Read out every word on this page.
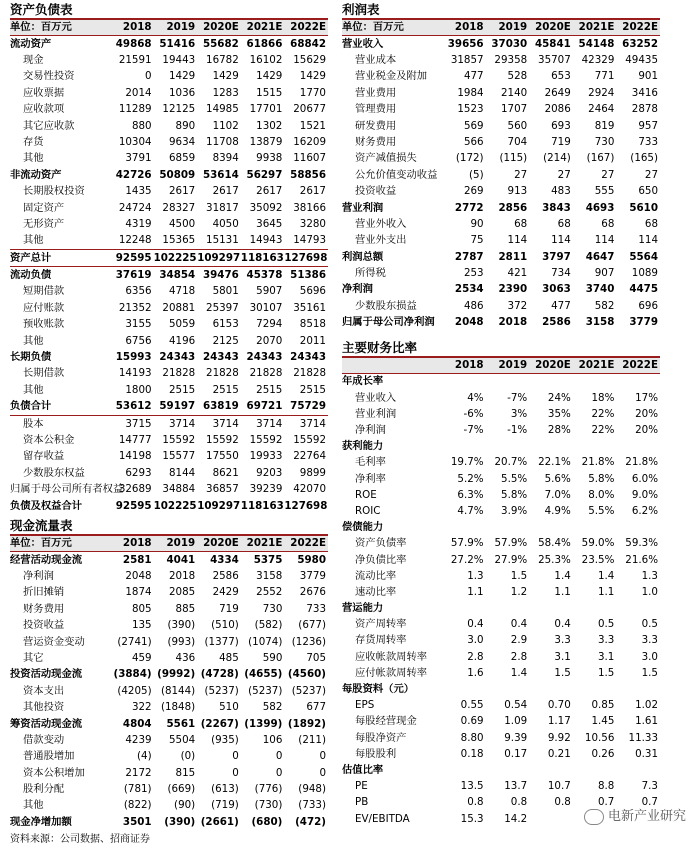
资产负债表
单位：百万元	2018	2019	2020E	2021E	2022E
流动资产	49868	51416	55682	61866	68842
现金	21591	19443	16782	16102	15629
交易性投资	0	1429	1429	1429	1429
应收票据	2014	1036	1283	1515	1770
应收款项	11289	12125	14985	17701	20677
其它应收款	880	890	1102	1302	1521
存货	10304	9634	11708	13879	16209
其他	3791	6859	8394	9938	11607
非流动资产	42726	50809	53614	56297	58856
长期股权投资	1435	2617	2617	2617	2617
固定资产	24724	28327	31817	35092	38166
无形资产	4319	4500	4050	3645	3280
其他	12248	15365	15131	14943	14793
资产总计	92595	102225	109297	118163	127698
流动负债	37619	34854	39476	45378	51386
短期借款	6356	4718	5801	5907	5696
应付账款	21352	20881	25397	30107	35161
预收账款	3155	5059	6153	7294	8518
其他	6756	4196	2125	2070	2011
长期负债	15993	24343	24343	24343	24343
长期借款	14193	21828	21828	21828	21828
其他	1800	2515	2515	2515	2515
负债合计	53612	59197	63819	69721	75729
股本	3715	3714	3714	3714	3714
资本公积金	14777	15592	15592	15592	15592
留存收益	14198	15577	17550	19933	22764
少数股东权益	6293	8144	8621	9203	9899
归属于母公司所有者权益	32689	34884	36857	39239	42070
负债及权益合计	92595	102225	109297	118163	127698
现金流量表
单位：百万元	2018	2019	2020E	2021E	2022E
经营活动现金流	2581	4041	4334	5375	5980
净利润	2048	2018	2586	3158	3779
折旧摊销	1874	2085	2429	2552	2676
财务费用	805	885	719	730	733
投资收益	135	(390)	(510)	(582)	(677)
营运资金变动	(2741)	(993)	(1377)	(1074)	(1236)
其它	459	436	485	590	705
投资活动现金流	(3884)	(9992)	(4728)	(4655)	(4560)
资本支出	(4205)	(8144)	(5237)	(5237)	(5237)
其他投资	322	(1848)	510	582	677
筹资活动现金流	4804	5561	(2267)	(1399)	(1892)
借款变动	4239	5504	(935)	106	(211)
普通股增加	(4)	(0)	0	0	0
资本公积增加	2172	815	0	0	0
股利分配	(781)	(669)	(613)	(776)	(948)
其他	(822)	(90)	(719)	(730)	(733)
现金净增加额	3501	(390)	(2661)	(680)	(472)
利润表
单位：百万元	2018	2019	2020E	2021E	2022E
营业收入	39656	37030	45841	54148	63252
营业成本	31857	29358	35707	42329	49435
营业税金及附加	477	528	653	771	901
营业费用	1984	2140	2649	2924	3416
管理费用	1523	1707	2086	2464	2878
研发费用	569	560	693	819	957
财务费用	566	704	719	730	733
资产减值损失	(172)	(115)	(214)	(167)	(165)
公允价值变动收益	(5)	27	27	27	27
投资收益	269	913	483	555	650
营业利润	2772	2856	3843	4693	5610
营业外收入	90	68	68	68	68
营业外支出	75	114	114	114	114
利润总额	2787	2811	3797	4647	5564
所得税	253	421	734	907	1089
净利润	2534	2390	3063	3740	4475
少数股东损益	486	372	477	582	696
归属于母公司净利润	2048	2018	2586	3158	3779
主要财务比率
	2018	2019	2020E	2021E	2022E
年成长率					
营业收入	4%	-7%	24%	18%	17%
营业利润	-6%	3%	35%	22%	20%
净利润	-7%	-1%	28%	22%	20%
获利能力					
毛利率	19.7%	20.7%	22.1%	21.8%	21.8%
净利率	5.2%	5.5%	5.6%	5.8%	6.0%
ROE	6.3%	5.8%	7.0%	8.0%	9.0%
ROIC	4.7%	3.9%	4.9%	5.5%	6.2%
偿债能力					
资产负债率	57.9%	57.9%	58.4%	59.0%	59.3%
净负债比率	27.2%	27.9%	25.3%	23.5%	21.6%
流动比率	1.3	1.5	1.4	1.4	1.3
速动比率	1.1	1.2	1.1	1.1	1.0
营运能力					
资产周转率	0.4	0.4	0.4	0.5	0.5
存货周转率	3.0	2.9	3.3	3.3	3.3
应收帐款周转率	2.8	2.8	3.1	3.1	3.0
应付帐款周转率	1.6	1.4	1.5	1.5	1.5
每股资料（元）					
EPS	0.55	0.54	0.70	0.85	1.02
每股经营现金	0.69	1.09	1.17	1.45	1.61
每股净资产	8.80	9.39	9.92	10.56	11.33
每股股利	0.18	0.17	0.21	0.26	0.31
估值比率					
PE	13.5	13.7	10.7	8.8	7.3
PB	0.8	0.8	0.8	0.7	0.7
EV/EBITDA	15.3	14.2				电新产业研究
资料来源：公司数据、招商证券
